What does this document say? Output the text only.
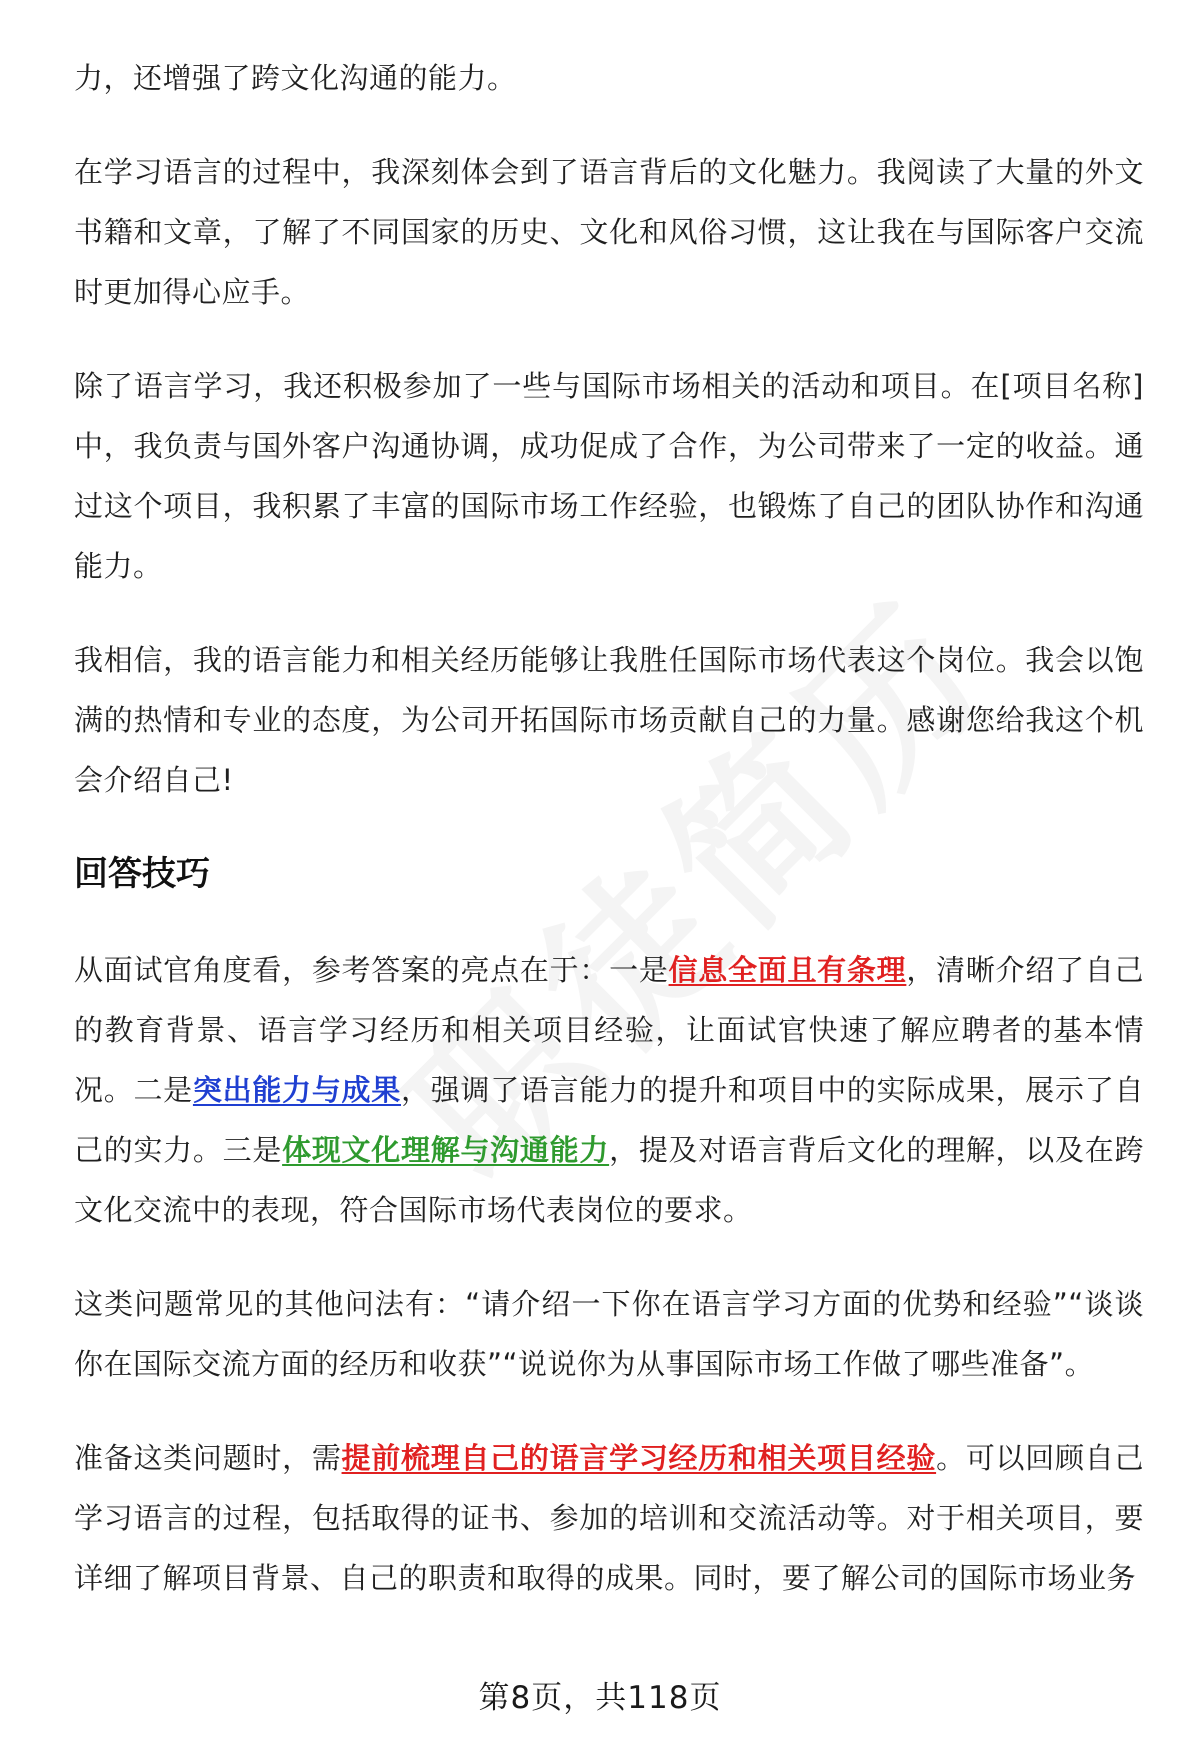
力，还增强了跨文化沟通的能力。

在学习语言的过程中，我深刻体会到了语言背后的文化魅力。我阅读了大量的外文书籍和文章，了解了不同国家的历史、文化和风俗习惯，这让我在与国际客户交流时更加得心应手。

除了语言学习，我还积极参加了一些与国际市场相关的活动和项目。在[项目名称]中，我负责与国外客户沟通协调，成功促成了合作，为公司带来了一定的收益。通过这个项目，我积累了丰富的国际市场工作经验，也锻炼了自己的团队协作和沟通能力。

我相信，我的语言能力和相关经历能够让我胜任国际市场代表这个岗位。我会以饱满的热情和专业的态度，为公司开拓国际市场贡献自己的力量。感谢您给我这个机会介绍自己!

回答技巧

从面试官角度看，参考答案的亮点在于：一是信息全面且有条理，清晰介绍了自己的教育背景、语言学习经历和相关项目经验，让面试官快速了解应聘者的基本情况。二是突出能力与成果，强调了语言能力的提升和项目中的实际成果，展示了自己的实力。三是体现文化理解与沟通能力，提及对语言背后文化的理解，以及在跨文化交流中的表现，符合国际市场代表岗位的要求。

这类问题常见的其他问法有：“请介绍一下你在语言学习方面的优势和经验”“谈谈你在国际交流方面的经历和收获”“说说你为从事国际市场工作做了哪些准备”。

准备这类问题时，需提前梳理自己的语言学习经历和相关项目经验。可以回顾自己学习语言的过程，包括取得的证书、参加的培训和交流活动等。对于相关项目，要详细了解项目背景、自己的职责和取得的成果。同时，要了解公司的国际市场业务

第8页，共118页
